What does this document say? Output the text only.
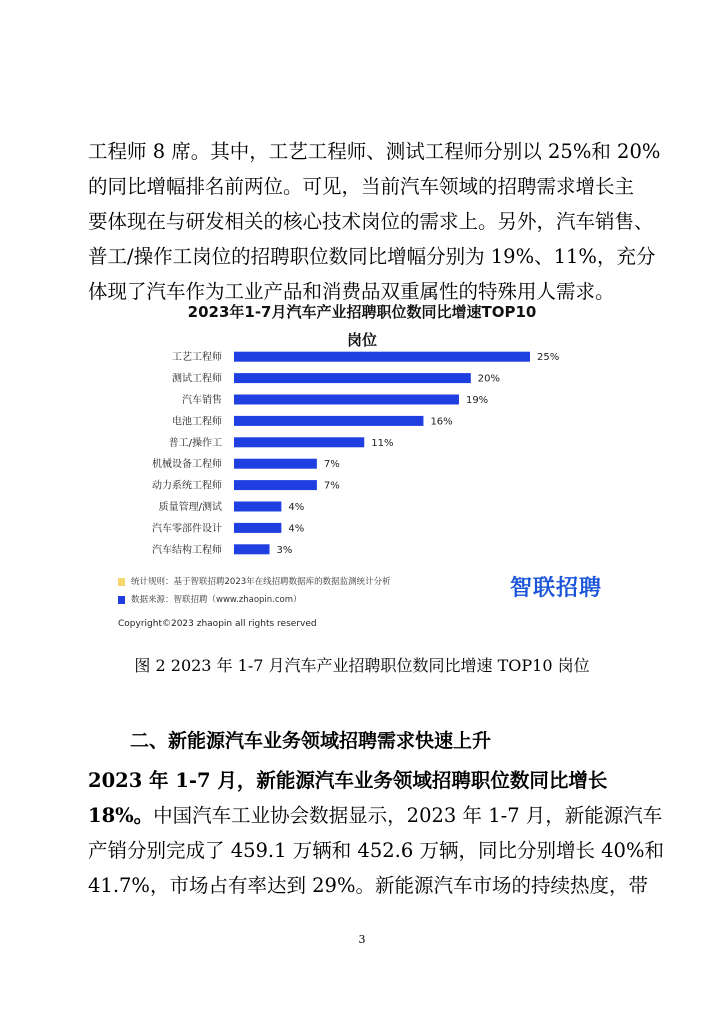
工程师 8 席。其中，工艺工程师、测试工程师分别以 25%和 20%
的同比增幅排名前两位。可见，当前汽车领域的招聘需求增长主
要体现在与研发相关的核心技术岗位的需求上。另外，汽车销售、
普工/操作工岗位的招聘职位数同比增幅分别为 19%、11%，充分
体现了汽车作为工业产品和消费品双重属性的特殊用人需求。
2023年1-7月汽车产业招聘职位数同比增速TOP10
岗位
工艺工程师	25%
测试工程师	20%
汽车销售	19%
电池工程师	16%
普工/操作工	11%
机械设备工程师	7%
动力系统工程师	7%
质量管理/测试	4%
汽车零部件设计	4%
汽车结构工程师	3%
统计规则：基于智联招聘2023年在线招聘数据库的数据监测统计分析
数据来源：智联招聘（www.zhaopin.com）	智联招聘
Copyright©2023 zhaopin all rights reserved
图 2 2023 年 1-7 月汽车产业招聘职位数同比增速 TOP10 岗位
二、新能源汽车业务领域招聘需求快速上升
2023 年 1-7 月，新能源汽车业务领域招聘职位数同比增长
18%。中国汽车工业协会数据显示，2023 年 1-7 月，新能源汽车
产销分别完成了 459.1 万辆和 452.6 万辆，同比分别增长 40%和
41.7%，市场占有率达到 29%。新能源汽车市场的持续热度，带
3
